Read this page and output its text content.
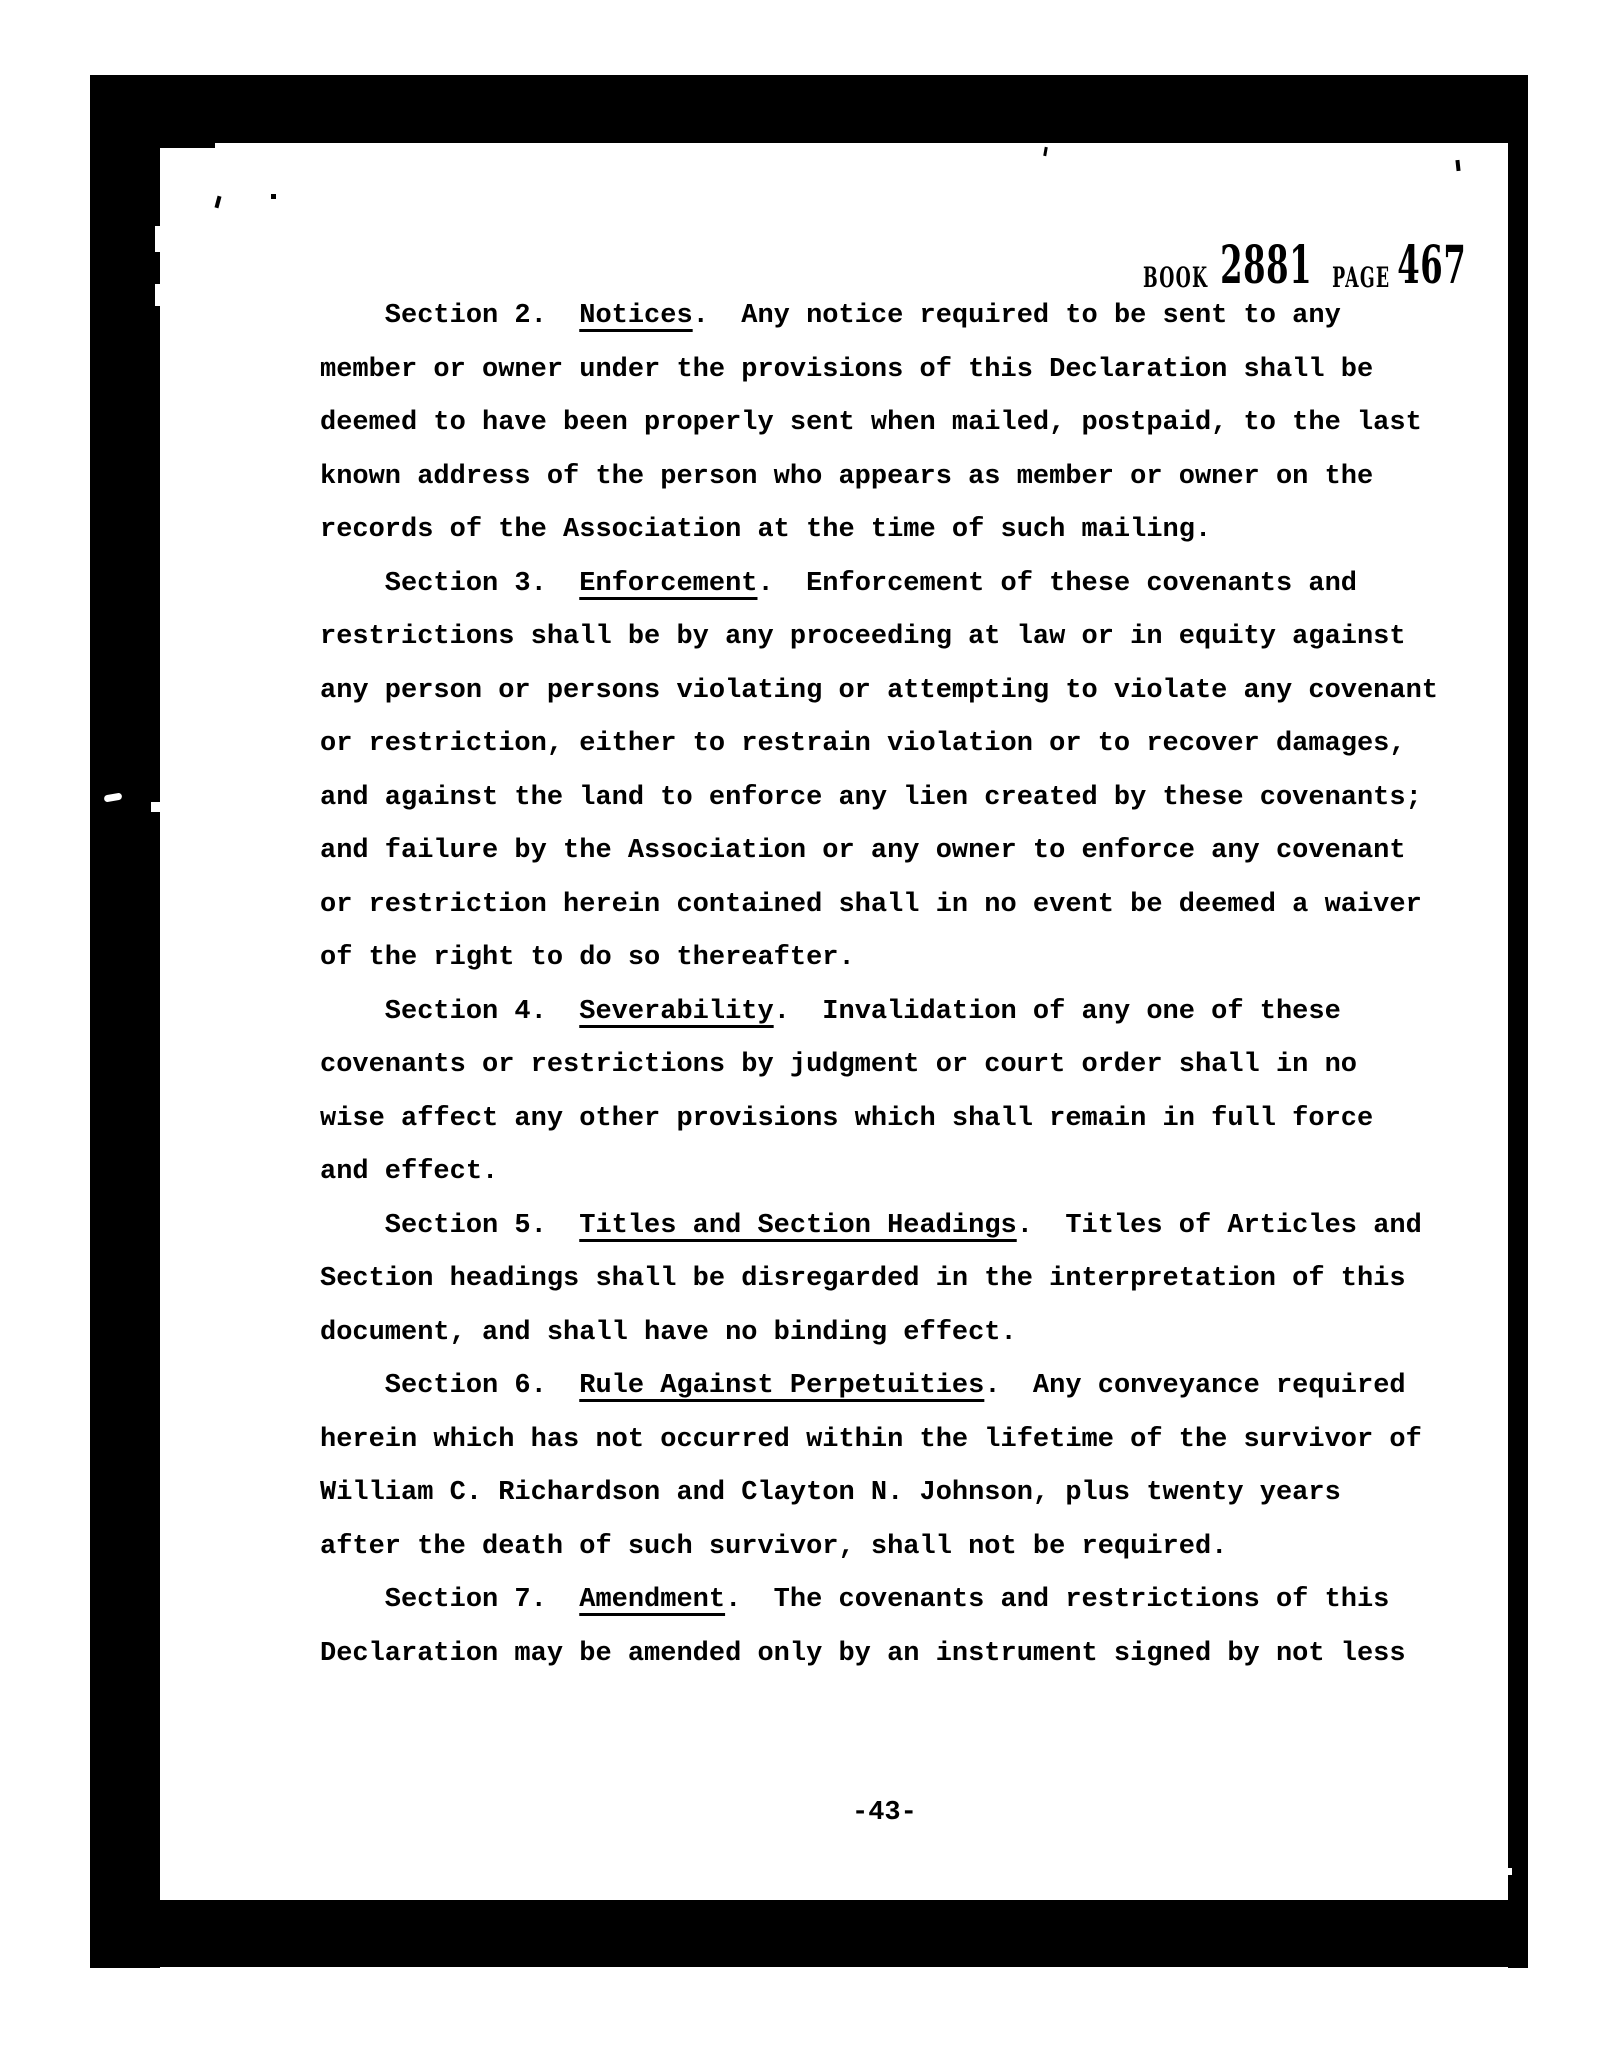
BOOK 2881 PAGE 467
Section 2.  Notices.  Any notice required to be sent to any
member or owner under the provisions of this Declaration shall be
deemed to have been properly sent when mailed, postpaid, to the last
known address of the person who appears as member or owner on the
records of the Association at the time of such mailing.
Section 3.  Enforcement.  Enforcement of these covenants and
restrictions shall be by any proceeding at law or in equity against
any person or persons violating or attempting to violate any covenant
or restriction, either to restrain violation or to recover damages,
and against the land to enforce any lien created by these covenants;
and failure by the Association or any owner to enforce any covenant
or restriction herein contained shall in no event be deemed a waiver
of the right to do so thereafter.
Section 4.  Severability.  Invalidation of any one of these
covenants or restrictions by judgment or court order shall in no
wise affect any other provisions which shall remain in full force
and effect.
Section 5.  Titles and Section Headings.  Titles of Articles and
Section headings shall be disregarded in the interpretation of this
document, and shall have no binding effect.
Section 6.  Rule Against Perpetuities.  Any conveyance required
herein which has not occurred within the lifetime of the survivor of
William C. Richardson and Clayton N. Johnson, plus twenty years
after the death of such survivor, shall not be required.
Section 7.  Amendment.  The covenants and restrictions of this
Declaration may be amended only by an instrument signed by not less
-43-
